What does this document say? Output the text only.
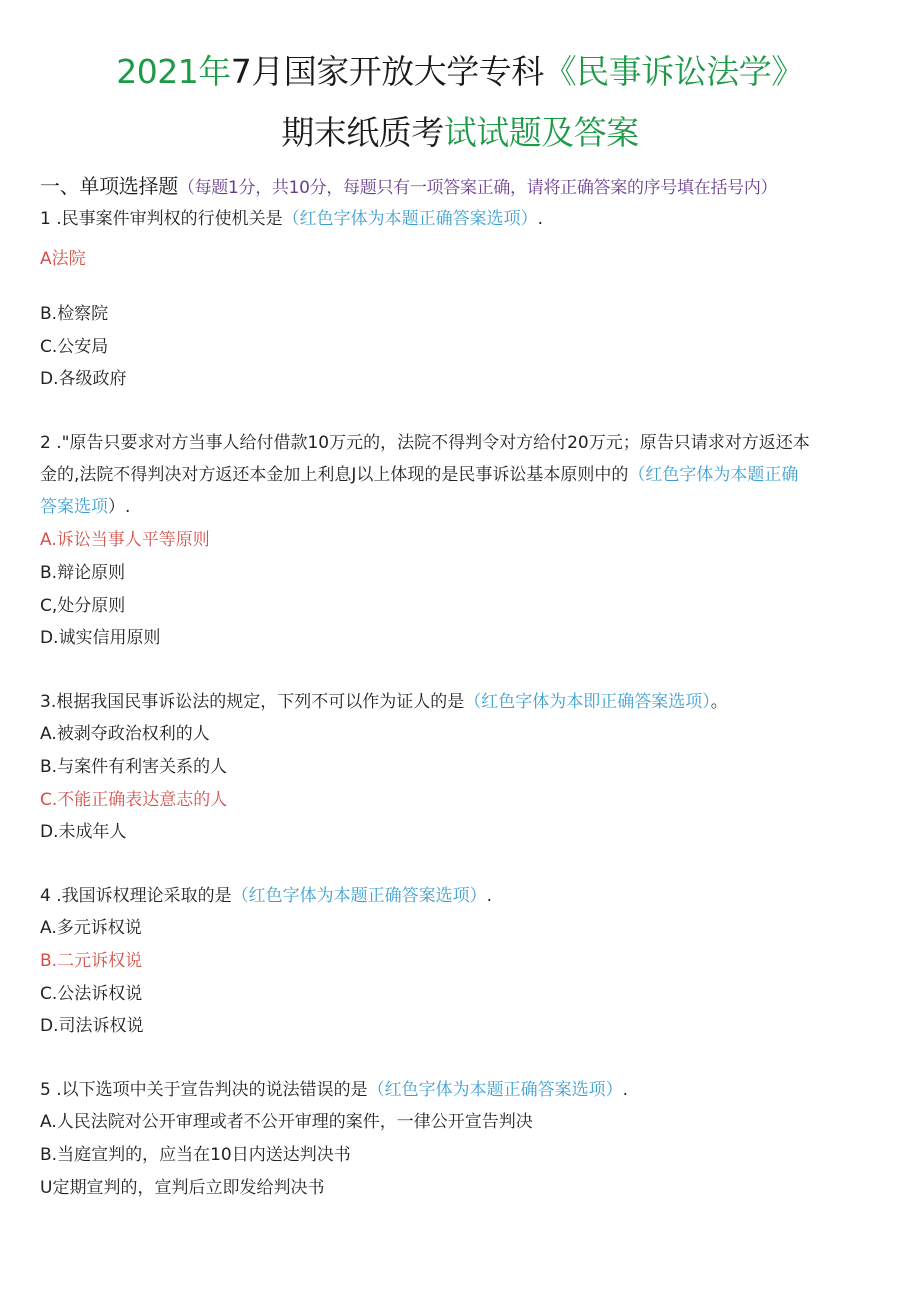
2021年7月国家开放大学专科《民事诉讼法学》
期末纸质考试试题及答案
一、单项选择题（每题1分，共10分，每题只有一项答案正确，请将正确答案的序号填在括号内）
1 .民事案件审判权的行使机关是（红色字体为本题正确答案选项）.
A法院
B.检察院
C.公安局
D.各级政府
2 ."原告只要求对方当事人给付借款10万元的，法院不得判令对方给付20万元；原告只请求对方返还本
金的,法院不得判决对方返还本金加上利息J以上体现的是民事诉讼基本原则中的（红色字体为本题正确
答案选项）.
A.诉讼当事人平等原则
B.辩论原则
C,处分原则
D.诚实信用原则
3.根据我国民事诉讼法的规定，下列不可以作为证人的是（红色字体为本即正确答案选项）。
A.被剥夺政治权利的人
B.与案件有利害关系的人
C.不能正确表达意志的人
D.未成年人
4 .我国诉权理论采取的是（红色字体为本题正确答案选项）.
A.多元诉权说
B.二元诉权说
C.公法诉权说
D.司法诉权说
5 .以下选项中关于宣告判决的说法错误的是（红色字体为本题正确答案选项）.
A.人民法院对公开审理或者不公开审理的案件，一律公开宣告判决
B.当庭宣判的，应当在10日内送达判决书
U定期宣判的，宣判后立即发给判决书
